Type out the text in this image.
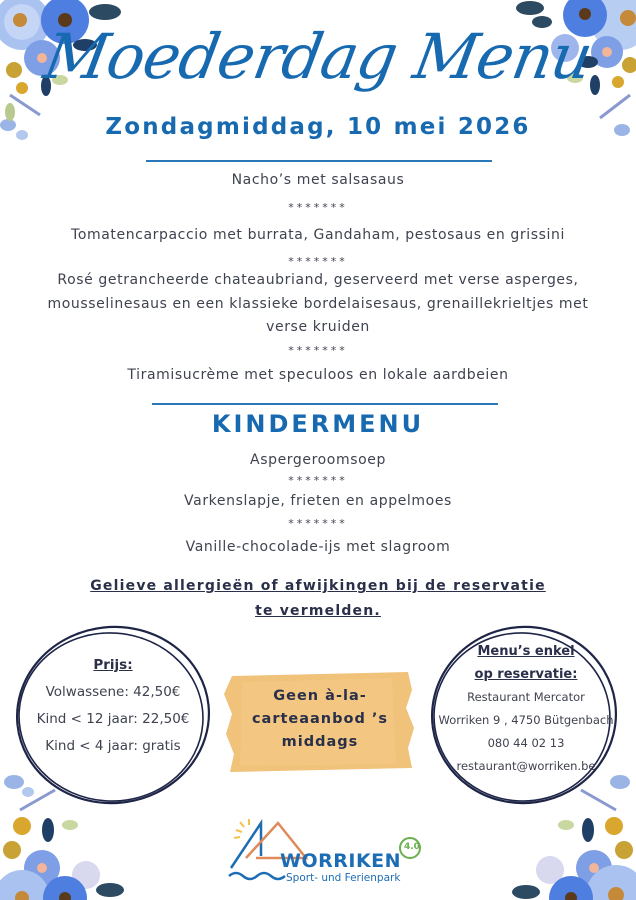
Moederdag Menu
Zondagmiddag, 10 mei 2026
Nacho’s met salsasaus
*******
Tomatencarpaccio met burrata, Gandaham, pestosaus en grissini
*******
Rosé getrancheerde chateaubriand, geserveerd met verse asperges,
mousselinesaus en een klassieke bordelaisesaus, grenaillekrieltjes met
verse kruiden
*******
Tiramisucrème met speculoos en lokale aardbeien
KINDERMENU
Aspergeroomsoep
*******
Varkenslapje, frieten en appelmoes
*******
Vanille-chocolade-ijs met slagroom
Gelieve allergieën of afwijkingen bij de reservatie
te vermelden.
Prijs:
Volwassene: 42,50€
Kind < 12 jaar: 22,50€
Kind < 4 jaar: gratis
Geen à-la-
carteaanbod ’s
middags
Menu’s enkel
op reservatie:
Restaurant Mercator
Worriken 9 , 4750 Bütgenbach
080 44 02 13
restaurant@worriken.be
4.0
WORRIKEN
Sport- und Ferienpark
